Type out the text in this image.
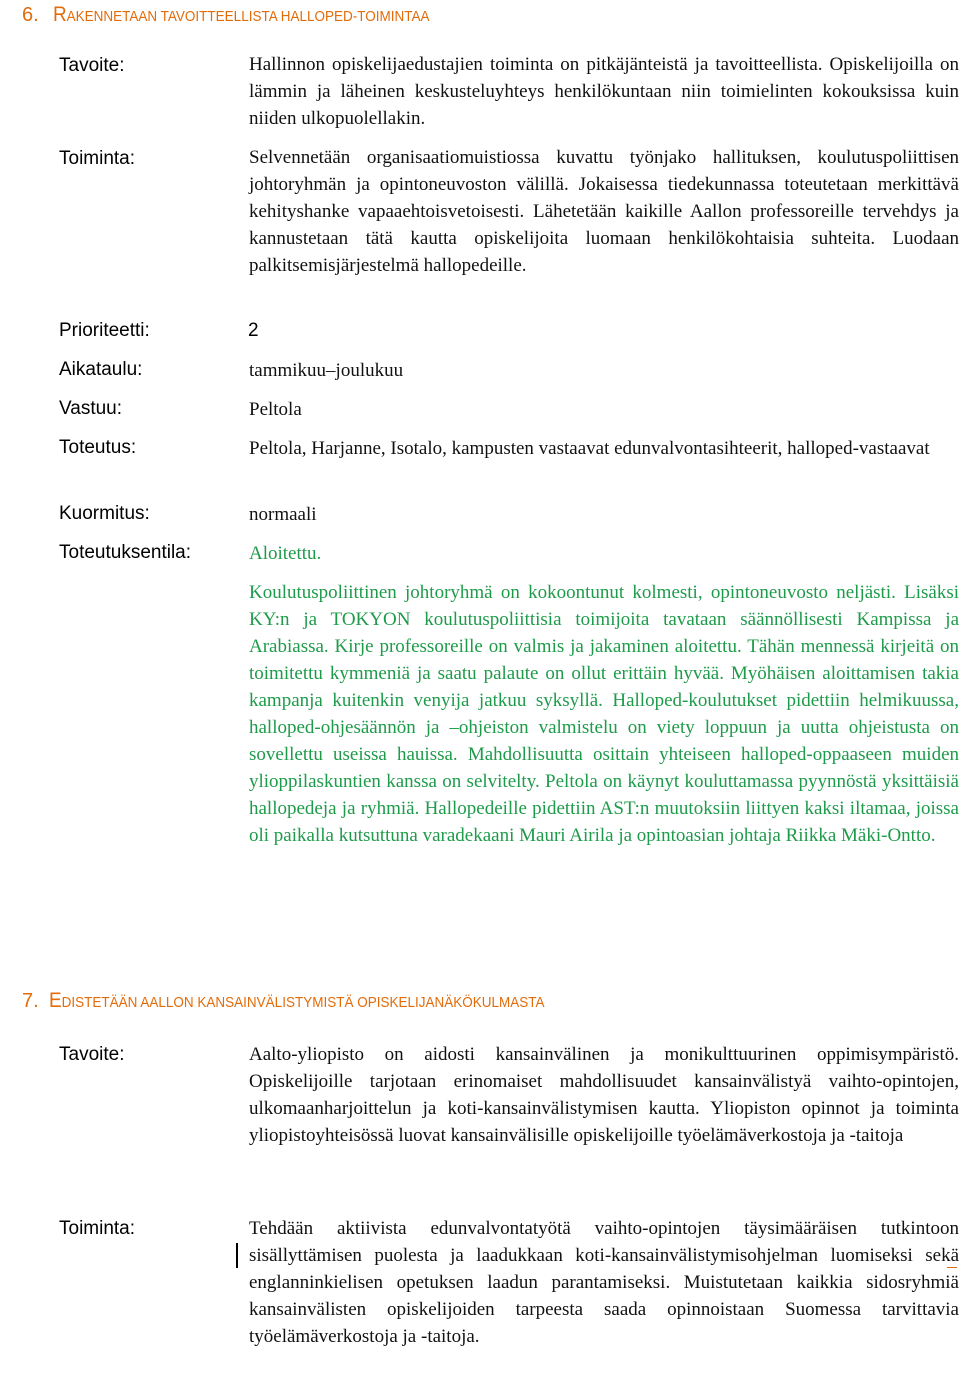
6. RAKENNETAAN TAVOITTEELLISTA HALLOPED-TOIMINTAA
Tavoite:	Hallinnon opiskelijaedustajien toiminta on pitkäjänteistä ja tavoitteellista. Opiskelijoilla on lämmin ja läheinen keskusteluyhteys henkilökuntaan niin toimielinten kokouksissa kuin niiden ulkopuolellakin.
Toiminta:	Selvennetään organisaatiomuistiossa kuvattu työnjako hallituksen, koulutuspoliittisen johtoryhmän ja opintoneuvoston välillä. Jokaisessa tiedekunnassa toteutetaan merkittävä kehityshanke vapaaehtoisvetoisesti. Lähetetään kaikille Aallon professoreille tervehdys ja kannustetaan tätä kautta opiskelijoita luomaan henkilökohtaisia suhteita. Luodaan palkitsemisjärjestelmä hallopedeille.
Prioriteetti:	2
Aikataulu:	tammikuu–joulukuu
Vastuu:	Peltola
Toteutus:	Peltola, Harjanne, Isotalo, kampusten vastaavat edunvalvontasihteerit, halloped-vastaavat
Kuormitus:	normaali
Toteutuksentila:	Aloitettu.
Koulutuspoliittinen johtoryhmä on kokoontunut kolmesti, opintoneuvosto neljästi. Lisäksi KY:n ja TOKYON koulutuspoliittisia toimijoita tavataan säännöllisesti Kampissa ja Arabiassa. Kirje professoreille on valmis ja jakaminen aloitettu. Tähän mennessä kirjeitä on toimitettu kymmeniä ja saatu palaute on ollut erittäin hyvää. Myöhäisen aloittamisen takia kampanja kuitenkin venyija jatkuu syksyllä. Halloped-koulutukset pidettiin helmikuussa, halloped-ohjesäännön ja –ohjeiston valmistelu on viety loppuun ja uutta ohjeistusta on sovellettu useissa hauissa. Mahdollisuutta osittain yhteiseen halloped-oppaaseen muiden ylioppilaskuntien kanssa on selvitelty. Peltola on käynyt kouluttamassa pyynnöstä yksittäisiä hallopedeja ja ryhmiä. Hallopedeille pidettiin AST:n muutoksiin liittyen kaksi iltamaa, joissa oli paikalla kutsuttuna varadekaani Mauri Airila ja opintoasian johtaja Riikka Mäki-Ontto.
7. EDISTETÄÄN AALLON KANSAINVÄLISTYMISTÄ OPISKELIJANÄKÖKULMASTA
Tavoite:	Aalto-yliopisto on aidosti kansainvälinen ja monikulttuurinen oppimisympäristö. Opiskelijoille tarjotaan erinomaiset mahdollisuudet kansainvälistyä vaihto-opintojen, ulkomaanharjoittelun ja koti-kansainvälistymisen kautta. Yliopiston opinnot ja toiminta yliopistoyhteisössä luovat kansainvälisille opiskelijoille työelämäverkostoja ja -taitoja
Toiminta:	Tehdään aktiivista edunvalvontatyötä vaihto-opintojen täysimääräisen tutkintoon sisällyttämisen puolesta ja laadukkaan koti-kansainvälistymisohjelman luomiseksi sekä englanninkielisen opetuksen laadun parantamiseksi. Muistutetaan kaikkia sidosryhmiä kansainvälisten opiskelijoiden tarpeesta saada opinnoistaan Suomessa tarvittavia työelämäverkostoja ja -taitoja.
